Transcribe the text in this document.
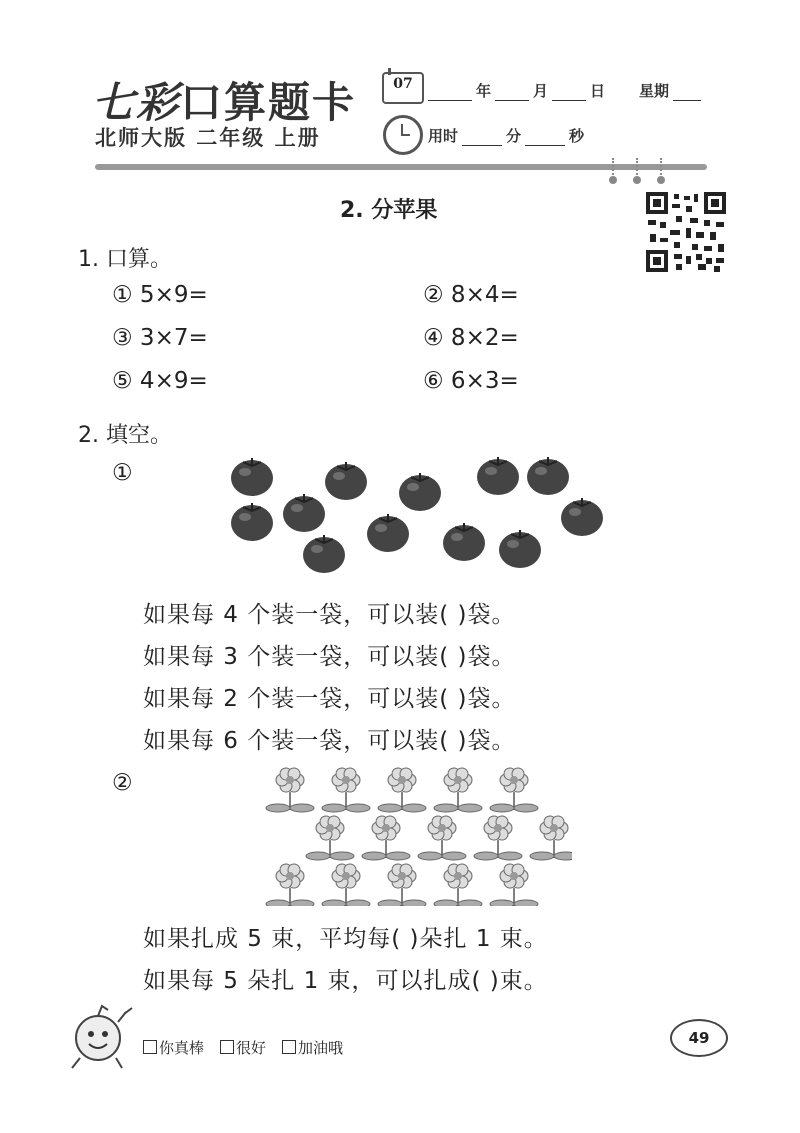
七彩口算题卡
北师大版 二年级 上册
07	年	月	日 星期
用时	分	秒
2. 分苹果
1. 口算。
① 5×9=	② 8×4=
③ 3×7=	④ 8×2=
⑤ 4×9=	⑥ 6×3=
2. 填空。
①
如果每 4 个装一袋，可以装( )袋。
如果每 3 个装一袋，可以装( )袋。
如果每 2 个装一袋，可以装( )袋。
如果每 6 个装一袋，可以装( )袋。
②
如果扎成 5 束，平均每( )朵扎 1 束。
如果每 5 朵扎 1 束，可以扎成( )束。
你真棒	很好	加油哦
49
